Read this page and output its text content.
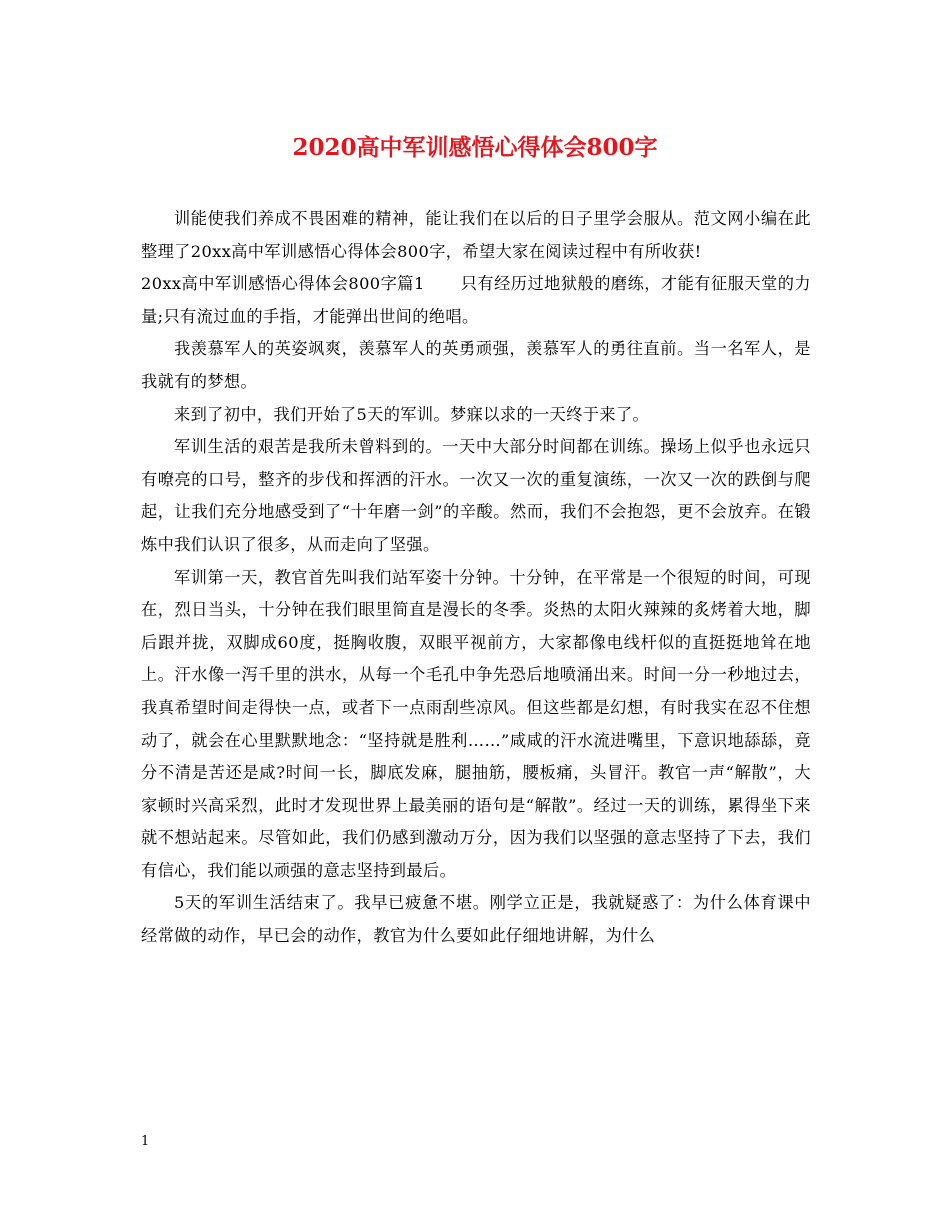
2020高中军训感悟心得体会800字

训能使我们养成不畏困难的精神，能让我们在以后的日子里学会服从。范文网小编在此整理了20xx高中军训感悟心得体会800字，希望大家在阅读过程中有所收获!

20xx高中军训感悟心得体会800字篇1 只有经历过地狱般的磨练，才能有征服天堂的力量;只有流过血的手指，才能弹出世间的绝唱。

我羡慕军人的英姿飒爽，羡慕军人的英勇顽强，羡慕军人的勇往直前。当一名军人，是我就有的梦想。

来到了初中，我们开始了5天的军训。梦寐以求的一天终于来了。

军训生活的艰苦是我所未曾料到的。一天中大部分时间都在训练。操场上似乎也永远只有嘹亮的口号，整齐的步伐和挥洒的汗水。一次又一次的重复演练，一次又一次的跌倒与爬起，让我们充分地感受到了“十年磨一剑”的辛酸。然而，我们不会抱怨，更不会放弃。在锻炼中我们认识了很多，从而走向了坚强。

军训第一天，教官首先叫我们站军姿十分钟。十分钟，在平常是一个很短的时间，可现在，烈日当头，十分钟在我们眼里简直是漫长的冬季。炎热的太阳火辣辣的炙烤着大地，脚后跟并拢，双脚成60度，挺胸收腹，双眼平视前方，大家都像电线杆似的直挺挺地耸在地上。汗水像一泻千里的洪水，从每一个毛孔中争先恐后地喷涌出来。时间一分一秒地过去，我真希望时间走得快一点，或者下一点雨刮些凉风。但这些都是幻想，有时我实在忍不住想动了，就会在心里默默地念：“坚持就是胜利……”咸咸的汗水流进嘴里，下意识地舔舔，竟分不清是苦还是咸?时间一长，脚底发麻，腿抽筋，腰板痛，头冒汗。教官一声“解散”，大家顿时兴高采烈，此时才发现世界上最美丽的语句是“解散”。经过一天的训练，累得坐下来就不想站起来。尽管如此，我们仍感到激动万分，因为我们以坚强的意志坚持了下去，我们有信心，我们能以顽强的意志坚持到最后。

5天的军训生活结束了。我早已疲惫不堪。刚学立正是，我就疑惑了：为什么体育课中经常做的动作，早已会的动作，教官为什么要如此仔细地讲解，为什么

1
